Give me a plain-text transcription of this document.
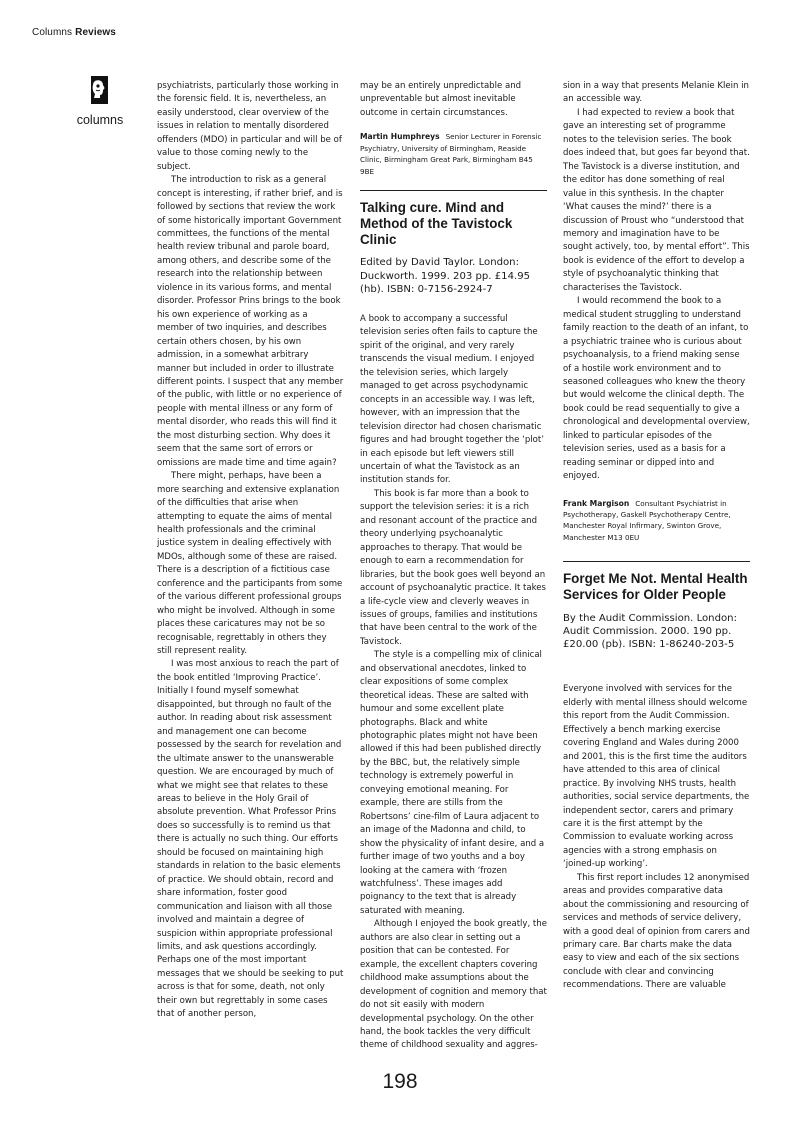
Columns Reviews
columns

psychiatrists, particularly those working in the forensic field. It is, nevertheless, an easily understood, clear overview of the issues in relation to mentally disordered offenders (MDO) in particular and will be of value to those coming newly to the subject.

The introduction to risk as a general concept is interesting, if rather brief, and is followed by sections that review the work of some historically important Government committees, the functions of the mental health review tribunal and parole board, among others, and describe some of the research into the relationship between violence in its various forms, and mental disorder. Professor Prins brings to the book his own experience of working as a member of two inquiries, and describes certain others chosen, by his own admission, in a somewhat arbitrary manner but included in order to illustrate different points. I suspect that any member of the public, with little or no experience of people with mental illness or any form of mental disorder, who reads this will find it the most disturbing section. Why does it seem that the same sort of errors or omissions are made time and time again?

There might, perhaps, have been a more searching and extensive explanation of the difficulties that arise when attempting to equate the aims of mental health professionals and the criminal justice system in dealing effectively with MDOs, although some of these are raised. There is a description of a fictitious case conference and the participants from some of the various different professional groups who might be involved. Although in some places these caricatures may not be so recognisable, regrettably in others they still represent reality.

I was most anxious to reach the part of the book entitled ‘Improving Practice’. Initially I found myself somewhat disappointed, but through no fault of the author. In reading about risk assessment and management one can become possessed by the search for revelation and the ultimate answer to the unanswerable question. We are encouraged by much of what we might see that relates to these areas to believe in the Holy Grail of absolute prevention. What Professor Prins does so successfully is to remind us that there is actually no such thing. Our efforts should be focused on maintaining high standards in relation to the basic elements of practice. We should obtain, record and share information, foster good communication and liaison with all those involved and maintain a degree of suspicion within appropriate professional limits, and ask questions accordingly. Perhaps one of the most important messages that we should be seeking to put across is that for some, death, not only their own but regrettably in some cases that of another person,

may be an entirely unpredictable and unpreventable but almost inevitable outcome in certain circumstances.

Martin Humphreys Senior Lecturer in Forensic Psychiatry, University of Birmingham, Reaside Clinic, Birmingham Great Park, Birmingham B45 9BE

Talking cure. Mind and Method of the Tavistock Clinic
Edited by David Taylor. London: Duckworth. 1999. 203 pp. £14.95 (hb). ISBN: 0-7156-2924-7

A book to accompany a successful television series often fails to capture the spirit of the original, and very rarely transcends the visual medium. I enjoyed the television series, which largely managed to get across psychodynamic concepts in an accessible way. I was left, however, with an impression that the television director had chosen charismatic figures and had brought together the ‘plot’ in each episode but left viewers still uncertain of what the Tavistock as an institution stands for.

This book is far more than a book to support the television series: it is a rich and resonant account of the practice and theory underlying psychoanalytic approaches to therapy. That would be enough to earn a recommendation for libraries, but the book goes well beyond an account of psychoanalytic practice. It takes a life-cycle view and cleverly weaves in issues of groups, families and institutions that have been central to the work of the Tavistock.

The style is a compelling mix of clinical and observational anecdotes, linked to clear expositions of some complex theoretical ideas. These are salted with humour and some excellent plate photographs. Black and white photographic plates might not have been allowed if this had been published directly by the BBC, but, the relatively simple technology is extremely powerful in conveying emotional meaning. For example, there are stills from the Robertsons’ cine-film of Laura adjacent to an image of the Madonna and child, to show the physicality of infant desire, and a further image of two youths and a boy looking at the camera with ‘frozen watchfulness’. These images add poignancy to the text that is already saturated with meaning.

Although I enjoyed the book greatly, the authors are also clear in setting out a position that can be contested. For example, the excellent chapters covering childhood make assumptions about the development of cognition and memory that do not sit easily with modern developmental psychology. On the other hand, the book tackles the very difficult theme of childhood sexuality and aggres-

sion in a way that presents Melanie Klein in an accessible way.

I had expected to review a book that gave an interesting set of programme notes to the television series. The book does indeed that, but goes far beyond that. The Tavistock is a diverse institution, and the editor has done something of real value in this synthesis. In the chapter ‘What causes the mind?’ there is a discussion of Proust who “understood that memory and imagination have to be sought actively, too, by mental effort”. This book is evidence of the effort to develop a style of psychoanalytic thinking that characterises the Tavistock.

I would recommend the book to a medical student struggling to understand family reaction to the death of an infant, to a psychiatric trainee who is curious about psychoanalysis, to a friend making sense of a hostile work environment and to seasoned colleagues who knew the theory but would welcome the clinical depth. The book could be read sequentially to give a chronological and developmental overview, linked to particular episodes of the television series, used as a basis for a reading seminar or dipped into and enjoyed.

Frank Margison Consultant Psychiatrist in Psychotherapy, Gaskell Psychotherapy Centre, Manchester Royal Infirmary, Swinton Grove, Manchester M13 0EU

Forget Me Not. Mental Health Services for Older People
By the Audit Commission. London: Audit Commission. 2000. 190 pp. £20.00 (pb). ISBN: 1-86240-203-5

Everyone involved with services for the elderly with mental illness should welcome this report from the Audit Commission. Effectively a bench marking exercise covering England and Wales during 2000 and 2001, this is the first time the auditors have attended to this area of clinical practice. By involving NHS trusts, health authorities, social service departments, the independent sector, carers and primary care it is the first attempt by the Commission to evaluate working across agencies with a strong emphasis on ‘joined-up working’.

This first report includes 12 anonymised areas and provides comparative data about the commissioning and resourcing of services and methods of service delivery, with a good deal of opinion from carers and primary care. Bar charts make the data easy to view and each of the six sections conclude with clear and convincing recommendations. There are valuable

198
